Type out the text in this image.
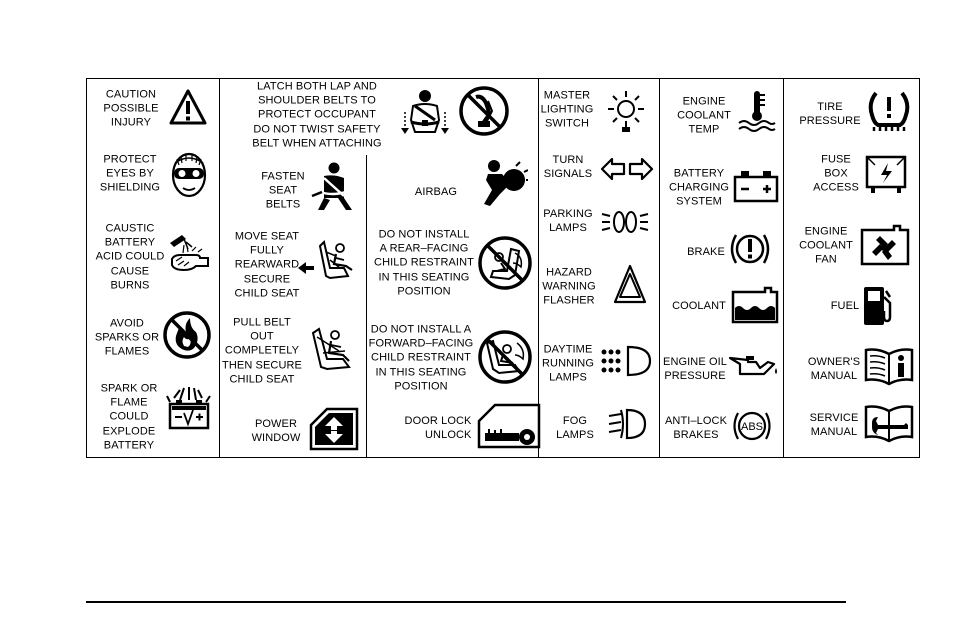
CAUTION
POSSIBLE
INJURY
PROTECT
EYES BY
SHIELDING
CAUSTIC
BATTERY
ACID COULD
CAUSE
BURNS
AVOID
SPARKS OR
FLAMES
SPARK OR
FLAME
COULD
EXPLODE
BATTERY
LATCH BOTH LAP AND
SHOULDER BELTS TO
PROTECT OCCUPANT
DO NOT TWIST SAFETY
BELT WHEN ATTACHING
FASTEN
SEAT
BELTS
MOVE SEAT
FULLY
REARWARD
SECURE
CHILD SEAT
PULL BELT
OUT
COMPLETELY
THEN SECURE
CHILD SEAT
POWER
WINDOW
AIRBAG
DO NOT INSTALL
A REAR–FACING
CHILD RESTRAINT
IN THIS SEATING
POSITION
DO NOT INSTALL A
FORWARD–FACING
CHILD RESTRAINT
IN THIS SEATING
POSITION
DOOR LOCK
UNLOCK
MASTER
LIGHTING
SWITCH
TURN
SIGNALS
PARKING
LAMPS
HAZARD
WARNING
FLASHER
DAYTIME
RUNNING
LAMPS
FOG
LAMPS
ENGINE
COOLANT
TEMP
BATTERY
CHARGING
SYSTEM
BRAKE
COOLANT
ENGINE OIL
PRESSURE
ANTI–LOCK
BRAKES
ABS
TIRE
PRESSURE
FUSE
BOX
ACCESS
ENGINE
COOLANT
FAN
FUEL
OWNER'S
MANUAL
SERVICE
MANUAL
